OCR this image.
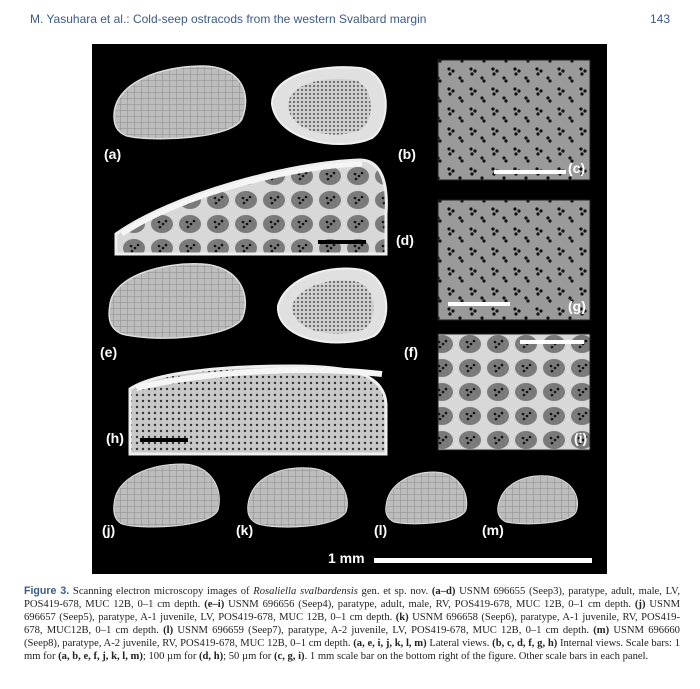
M. Yasuhara et al.: Cold-seep ostracods from the western Svalbard margin	143
(a)	(b)
(c)
(d)
(e)	(f)
(g)
(h)	(i)
(j)	(k)	(l)	(m)
1 mm
Figure 3. Scanning electron microscopy images of Rosaliella svalbardensis gen. et sp. nov. (a–d) USNM 696655 (Seep3), paratype, adult, male, LV, POS419-678, MUC 12B, 0–1 cm depth. (e–i) USNM 696656 (Seep4), paratype, adult, male, RV, POS419-678, MUC 12B, 0–1 cm depth. (j) USNM 696657 (Seep5), paratype, A-1 juvenile, LV, POS419-678, MUC 12B, 0–1 cm depth. (k) USNM 696658 (Seep6), paratype, A-1 juvenile, RV, POS419-678, MUC12B, 0–1 cm depth. (l) USNM 696659 (Seep7), paratype, A-2 juvenile, LV, POS419-678, MUC 12B, 0–1 cm depth. (m) USNM 696660 (Seep8), paratype, A-2 juvenile, RV, POS419-678, MUC 12B, 0–1 cm depth. (a, e, i, j, k, l, m) Lateral views. (b, c, d, f, g, h) Internal views. Scale bars: 1 mm for (a, b, e, f, j, k, l, m); 100 µm for (d, h); 50 µm for (c, g, i). 1 mm scale bar on the bottom right of the figure. Other scale bars in each panel.
